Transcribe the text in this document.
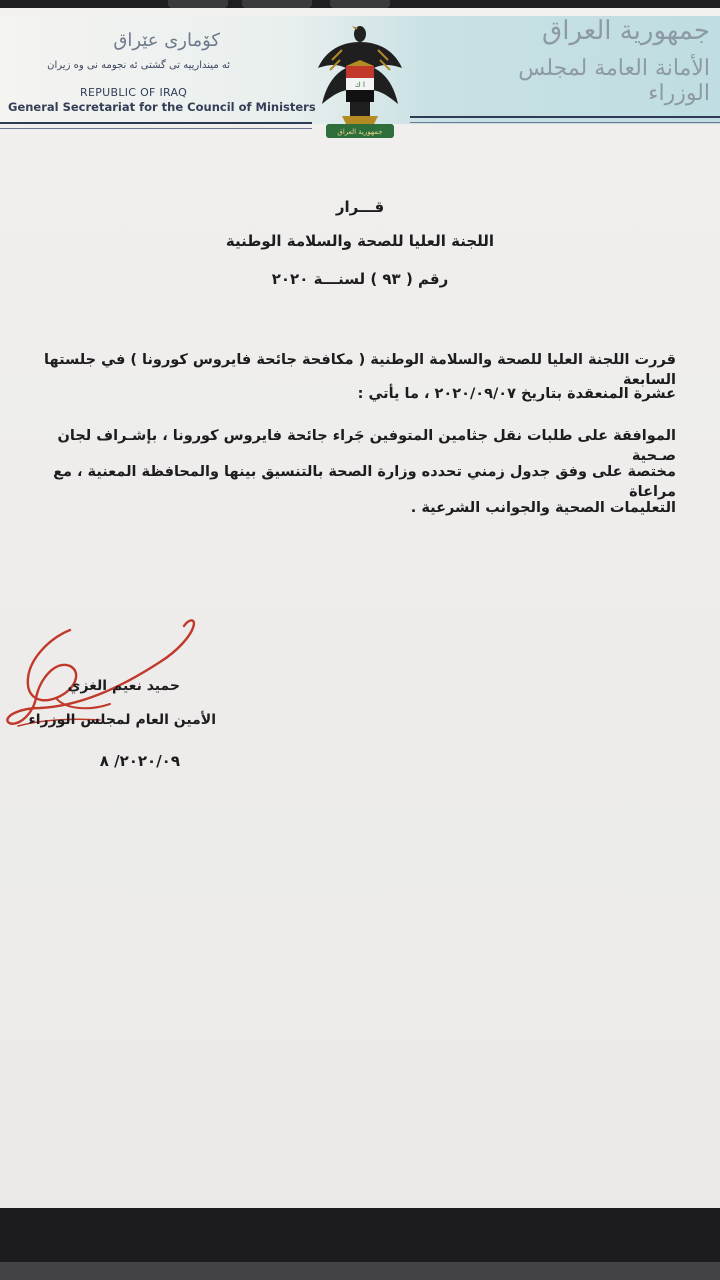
کۆماری عێراق
ئه میندارییه تی گشتی ئه نجومه نی وه زیران
REPUBLIC OF IRAQ
General Secretariat for the Council of Ministers
جمهورية العراق
الأمانة العامة لمجلس الوزراء
ا ك
جمهورية العراق
قـــرار
اللجنة العليا للصحة والسلامة الوطنية
رقم ( ٩٣ ) لسنـــة ٢٠٢٠
قررت اللجنة العليا للصحة والسلامة الوطنية ( مكافحة جائحة فايروس كورونا ) في جلستها السابعة
عشرة المنعقدة بتاريخ ٢٠٢٠/٠٩/٠٧ ، ما يأتي :
الموافقة على طلبات نقل جثامين المتوفين جَراء جائحة فايروس كورونا ، بإشـراف لجان صـحية
مختصة على وفق جدول زمني تحدده وزارة الصحة بالتنسيق بينها والمحافظة المعنية ، مع مراعاة
التعليمات الصحية والجوانب الشرعية .
حميد نعيم الغزي
الأمين العام لمجلس الوزراء
٢٠٢٠/٠٩/ ٨
